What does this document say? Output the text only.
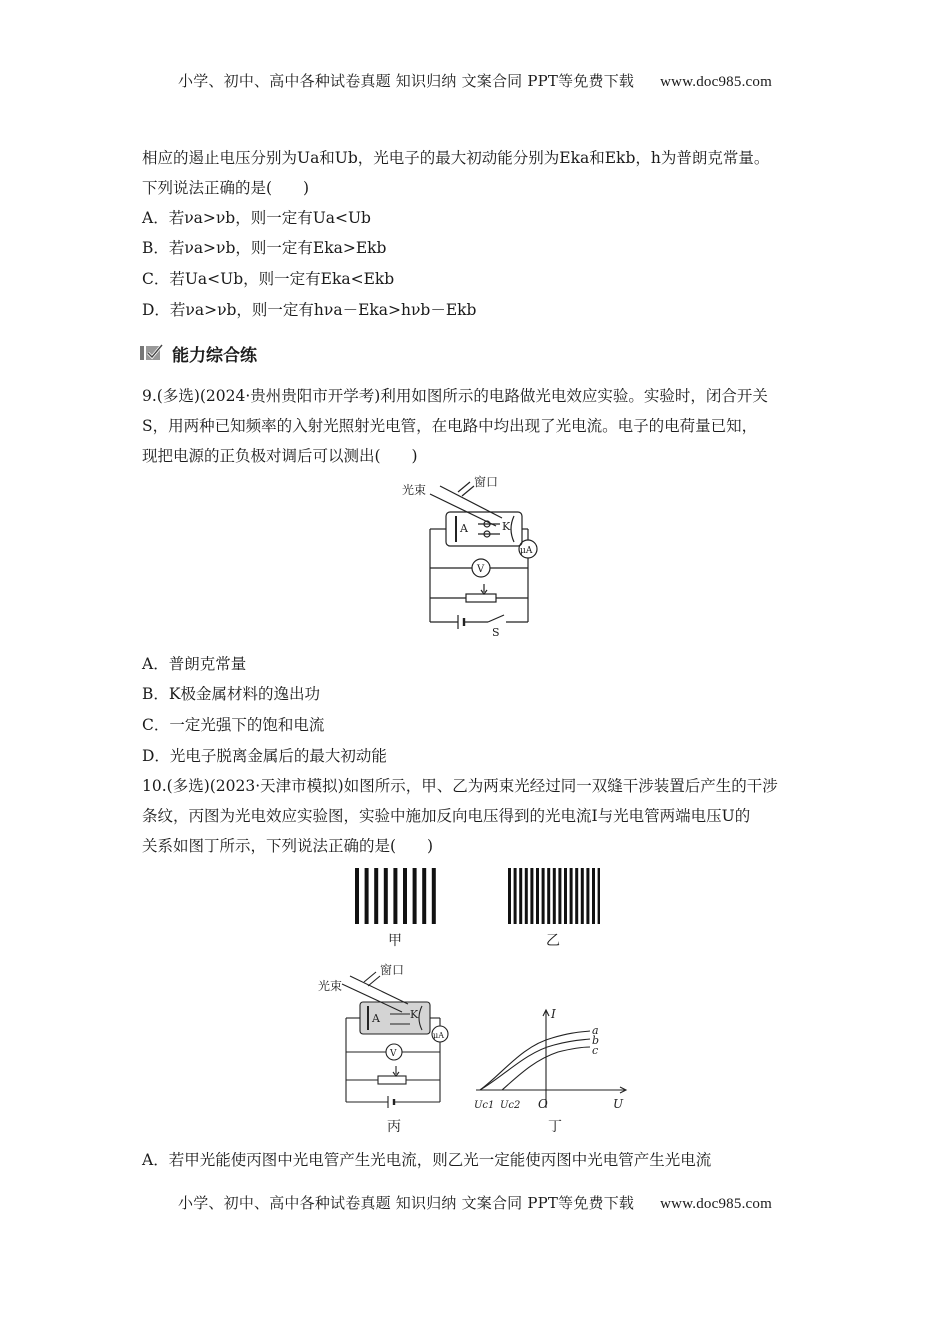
小学、初中、高中各种试卷真题 知识归纳 文案合同 PPT等免费下载 www.doc985.com
相应的遏止电压分别为Ua和Ub，光电子的最大初动能分别为Eka和Ekb，h为普朗克常量。
下列说法正确的是(　　)
A．若νa>νb，则一定有Ua<Ub
B．若νa>νb，则一定有Eka>Ekb
C．若Ua<Ub，则一定有Eka<Ekb
D．若νa>νb，则一定有hνa－Eka>hνb－Ekb
能力综合练
9.(多选)(2024·贵州贵阳市开学考)利用如图所示的电路做光电效应实验。实验时，闭合开关
S，用两种已知频率的入射光照射光电管，在电路中均出现了光电流。电子的电荷量已知，
现把电源的正负极对调后可以测出(　　)
光束
窗口
A	K
μA
V
S
A．普朗克常量
B．K极金属材料的逸出功
C．一定光强下的饱和电流
D．光电子脱离金属后的最大初动能
10.(多选)(2023·天津市模拟)如图所示，甲、乙为两束光经过同一双缝干涉装置后产生的干涉
条纹，丙图为光电效应实验图，实验中施加反向电压得到的光电流I与光电管两端电压U的
关系如图丁所示，下列说法正确的是(　　)
甲	乙
光束
窗口
A	K
μA
V
丙
I
U
O
a
b
c
Uc1 Uc2
丁
A．若甲光能使丙图中光电管产生光电流，则乙光一定能使丙图中光电管产生光电流
小学、初中、高中各种试卷真题 知识归纳 文案合同 PPT等免费下载 www.doc985.com
